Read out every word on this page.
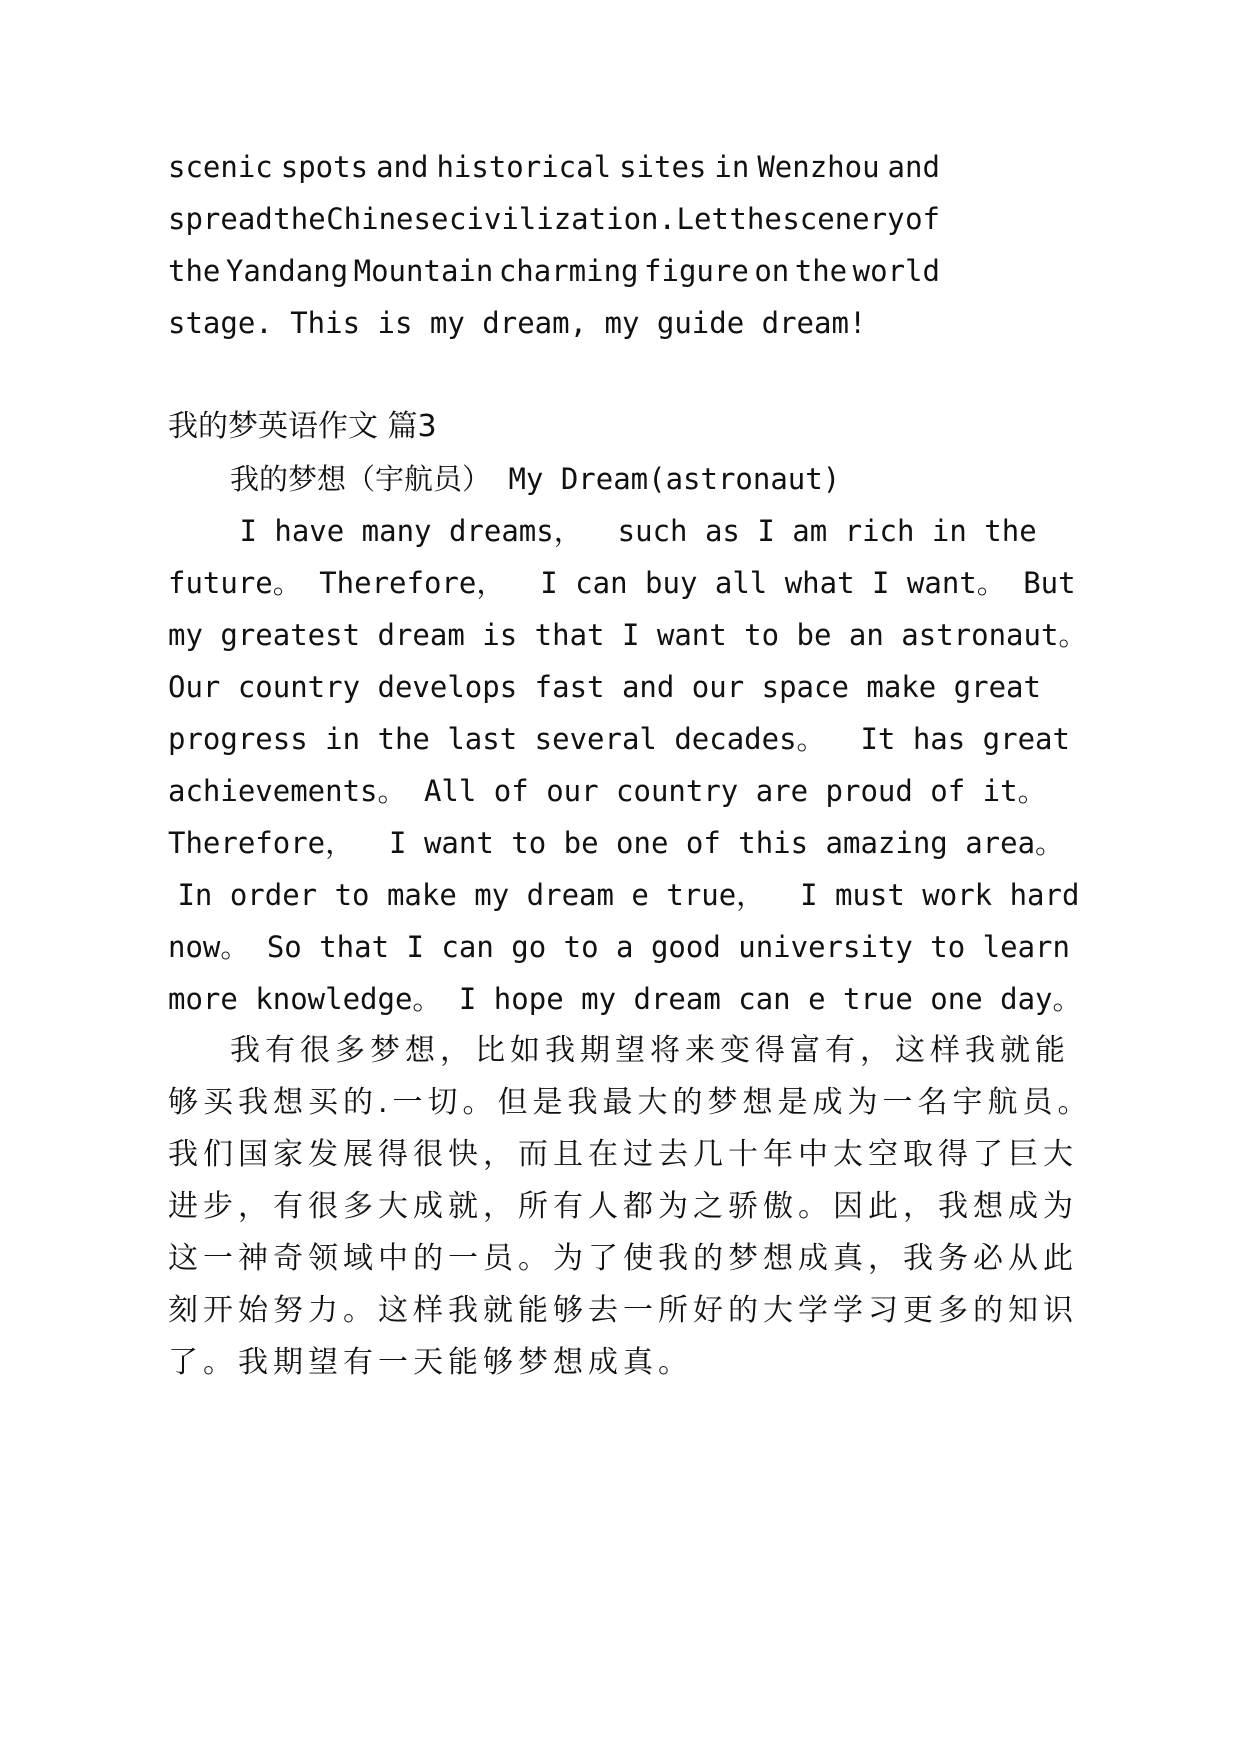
scenic spots and historical sites in Wenzhou and
spread the Chinese civilization. Let the scenery of
the Yandang Mountain charming figure on the world
stage. This is my dream, my guide dream!
我的梦英语作文 篇3
我的梦想（宇航员） My Dream(astronaut)
I have many dreams，  such as I am rich in the
future。 Therefore，  I can buy all what I want。 But
my greatest dream is that I want to be an astronaut。
Our country develops fast and our space make great
progress in the last several decades。  It has great
achievements。 All of our country are proud of it。
Therefore，  I want to be one of this amazing area。
In order to make my dream e true，  I must work hard
now。 So that I can go to a good university to learn
more knowledge。 I hope my dream can e true one day。
我有很多梦想，比如我期望将来变得富有，这样我就能
够买我想买的.一切。但是我最大的梦想是成为一名宇航员。
我们国家发展得很快，而且在过去几十年中太空取得了巨大
进步，有很多大成就，所有人都为之骄傲。因此，我想成为
这一神奇领域中的一员。为了使我的梦想成真，我务必从此
刻开始努力。这样我就能够去一所好的大学学习更多的知识
了。我期望有一天能够梦想成真。
